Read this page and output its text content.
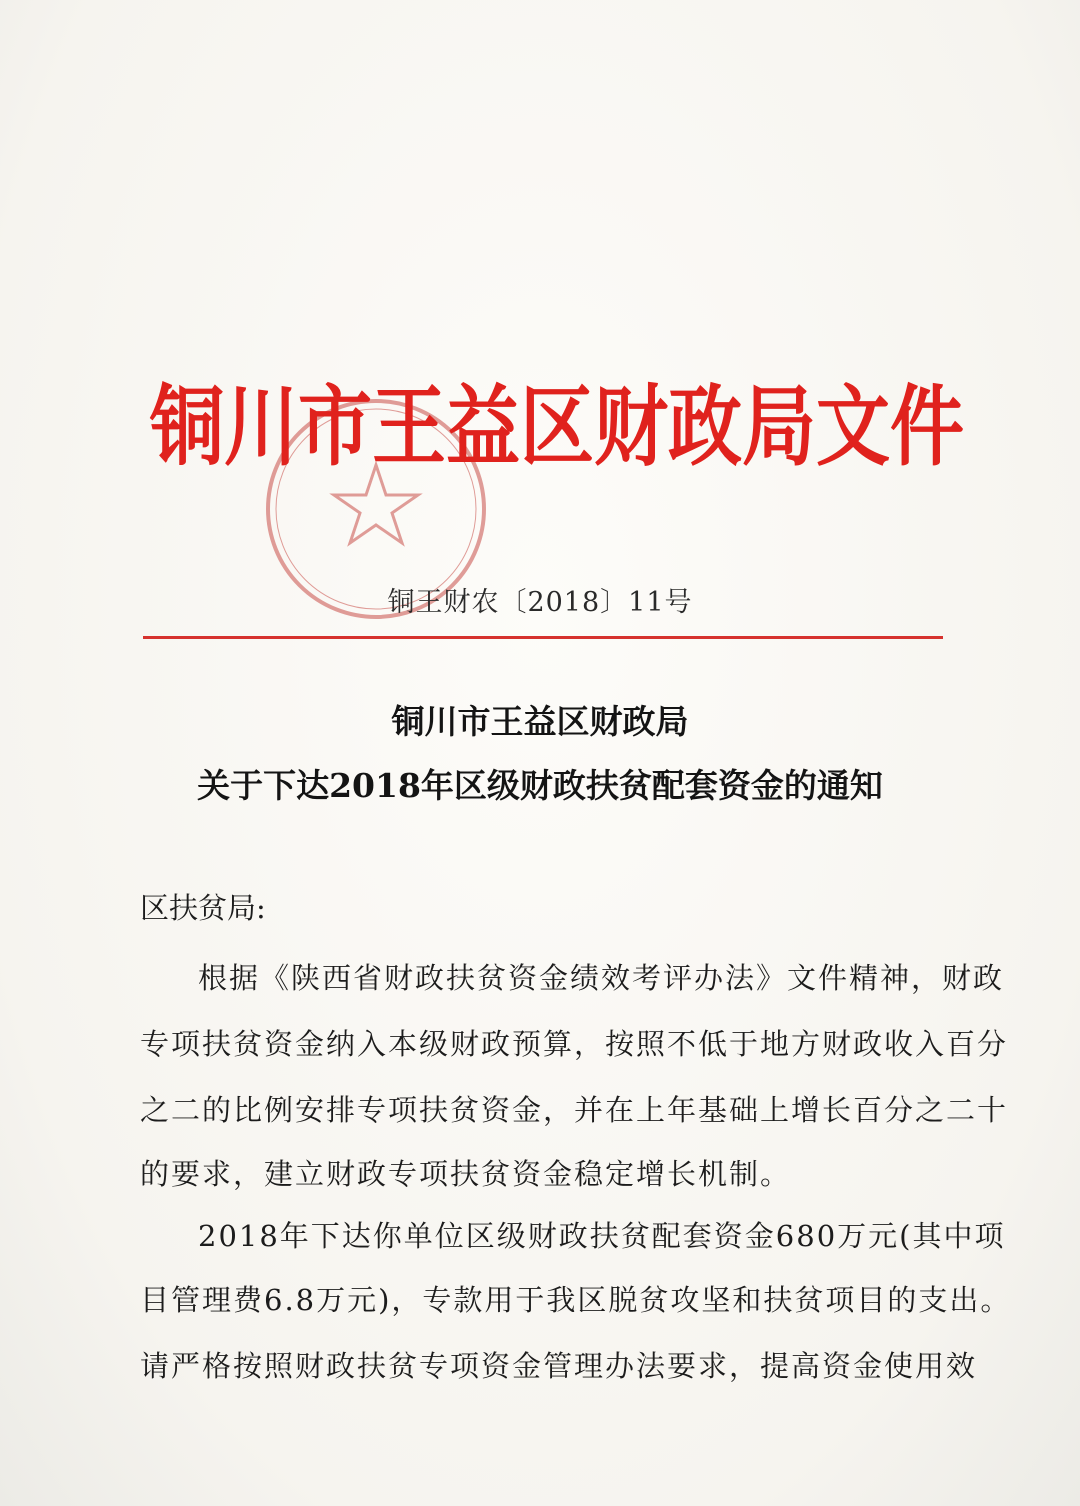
铜川市王益区财政局文件
铜王财农〔2018〕11号
铜川市王益区财政局
关于下达2018年区级财政扶贫配套资金的通知
区扶贫局:
根据《陕西省财政扶贫资金绩效考评办法》文件精神，财政
专项扶贫资金纳入本级财政预算，按照不低于地方财政收入百分
之二的比例安排专项扶贫资金，并在上年基础上增长百分之二十
的要求，建立财政专项扶贫资金稳定增长机制。
2018年下达你单位区级财政扶贫配套资金680万元(其中项
目管理费6.8万元)，专款用于我区脱贫攻坚和扶贫项目的支出。
请严格按照财政扶贫专项资金管理办法要求，提高资金使用效
